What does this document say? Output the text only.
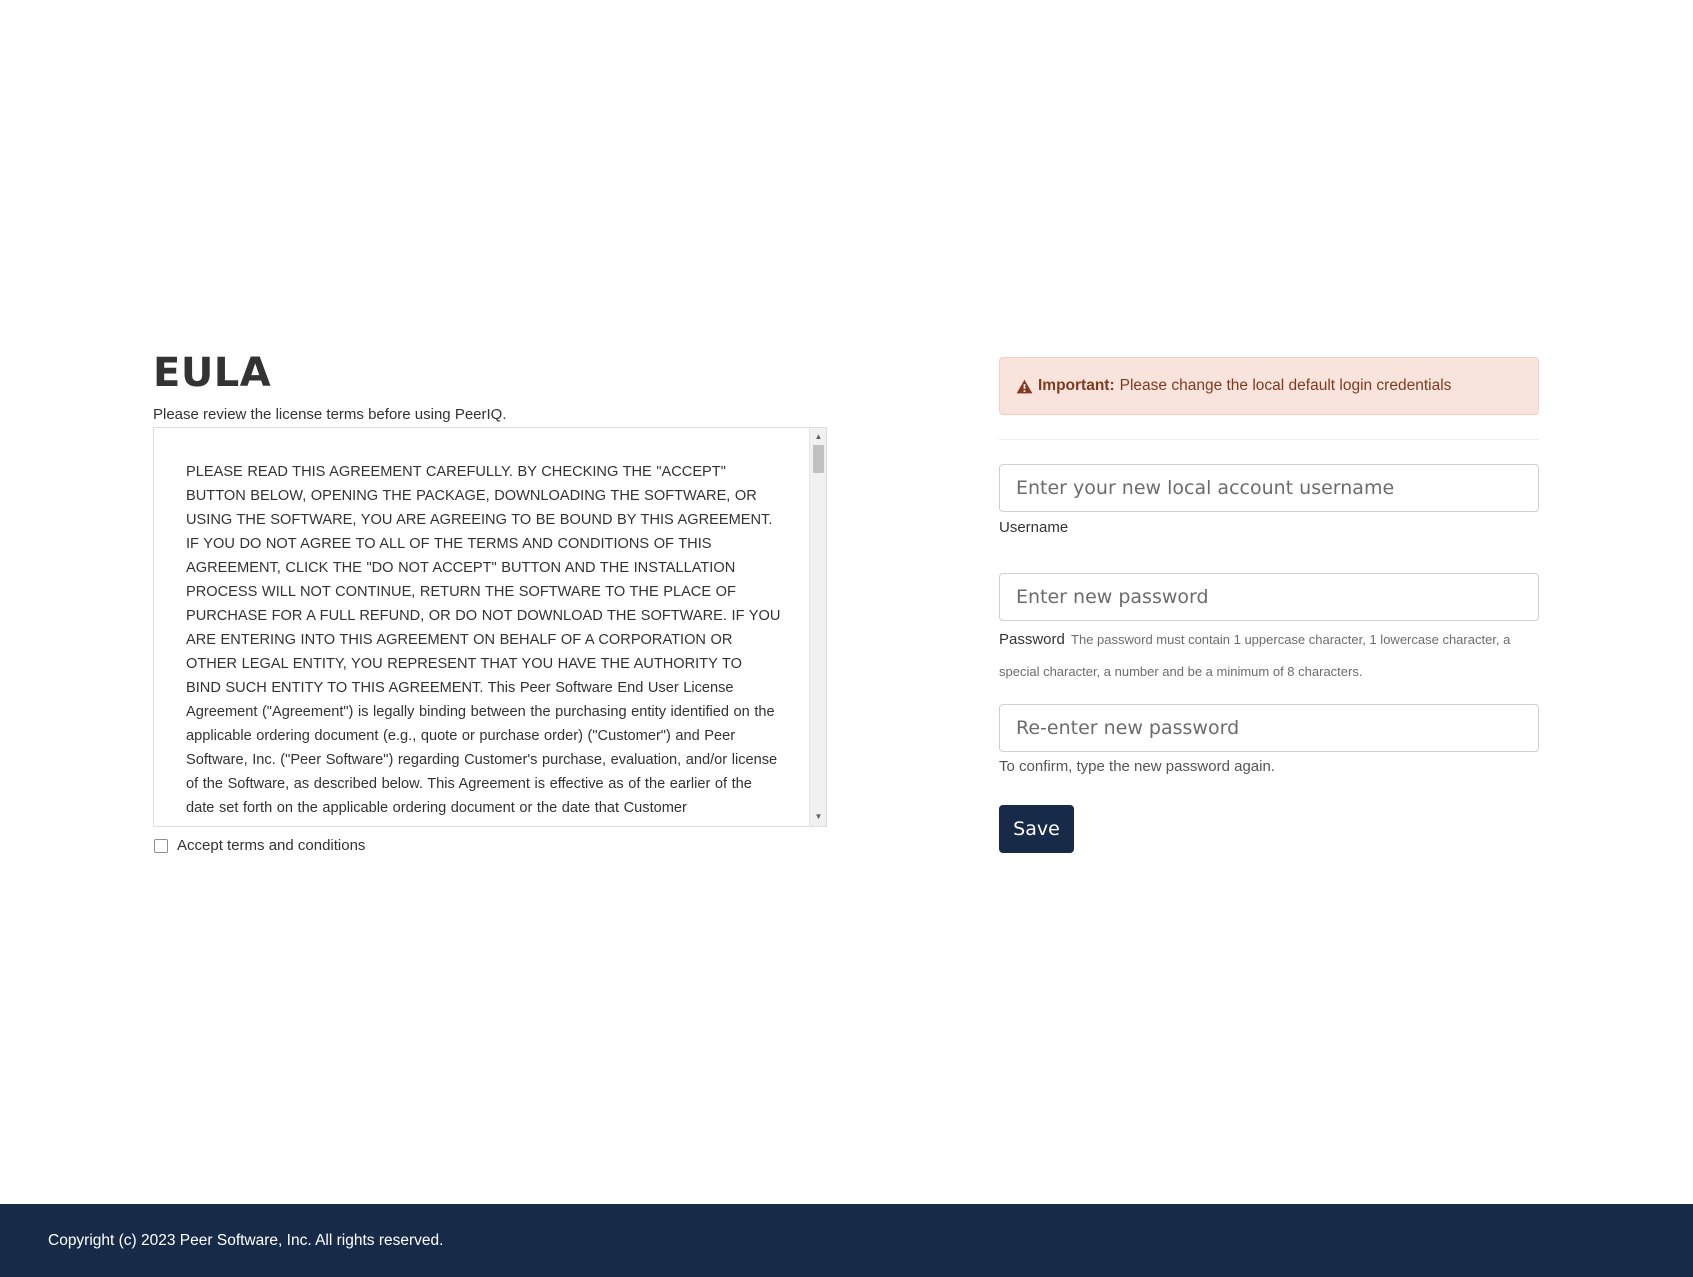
EULA
Please review the license terms before using PeerIQ.
PLEASE READ THIS AGREEMENT CAREFULLY. BY CHECKING THE "ACCEPT" BUTTON BELOW, OPENING THE PACKAGE, DOWNLOADING THE SOFTWARE, OR USING THE SOFTWARE, YOU ARE AGREEING TO BE BOUND BY THIS AGREEMENT. IF YOU DO NOT AGREE TO ALL OF THE TERMS AND CONDITIONS OF THIS AGREEMENT, CLICK THE "DO NOT ACCEPT" BUTTON AND THE INSTALLATION PROCESS WILL NOT CONTINUE, RETURN THE SOFTWARE TO THE PLACE OF PURCHASE FOR A FULL REFUND, OR DO NOT DOWNLOAD THE SOFTWARE. IF YOU ARE ENTERING INTO THIS AGREEMENT ON BEHALF OF A CORPORATION OR OTHER LEGAL ENTITY, YOU REPRESENT THAT YOU HAVE THE AUTHORITY TO BIND SUCH ENTITY TO THIS AGREEMENT. This Peer Software End User License Agreement ("Agreement") is legally binding between the purchasing entity identified on the applicable ordering document (e.g., quote or purchase order) ("Customer") and Peer Software, Inc. ("Peer Software") regarding Customer's purchase, evaluation, and/or license of the Software, as described below. This Agreement is effective as of the earlier of the date set forth on the applicable ordering document or the date that Customer
▲
▼
Accept terms and conditions
Important: Please change the local default login credentials
Enter your new local account username
Username
Password The password must contain 1 uppercase character, 1 lowercase character, a special character, a number and be a minimum of 8 characters.
To confirm, type the new password again.
Save
Copyright (c) 2023 Peer Software, Inc. All rights reserved.
